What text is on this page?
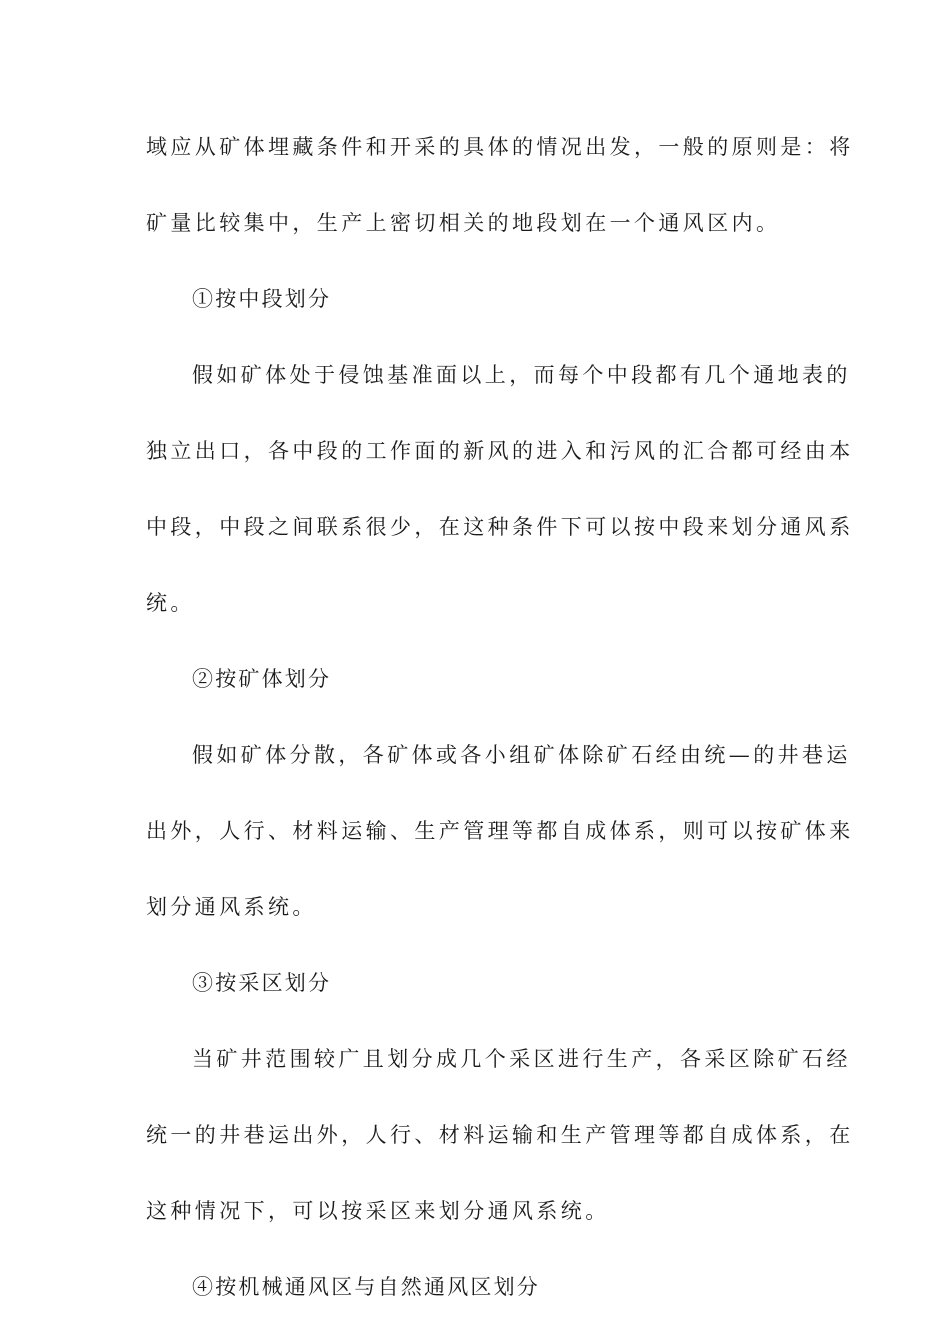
域应从矿体埋藏条件和开采的具体的情况出发，一般的原则是：将
矿量比较集中，生产上密切相关的地段划在一个通风区内。
①按中段划分
假如矿体处于侵蚀基准面以上，而每个中段都有几个通地表的
独立出口，各中段的工作面的新风的进入和污风的汇合都可经由本
中段，中段之间联系很少，在这种条件下可以按中段来划分通风系
统。
②按矿体划分
假如矿体分散，各矿体或各小组矿体除矿石经由统—的井巷运
出外，人行、材料运输、生产管理等都自成体系，则可以按矿体来
划分通风系统。
③按采区划分
当矿井范围较广且划分成几个采区进行生产，各采区除矿石经
统一的井巷运出外，人行、材料运输和生产管理等都自成体系，在
这种情况下，可以按采区来划分通风系统。
④按机械通风区与自然通风区划分
